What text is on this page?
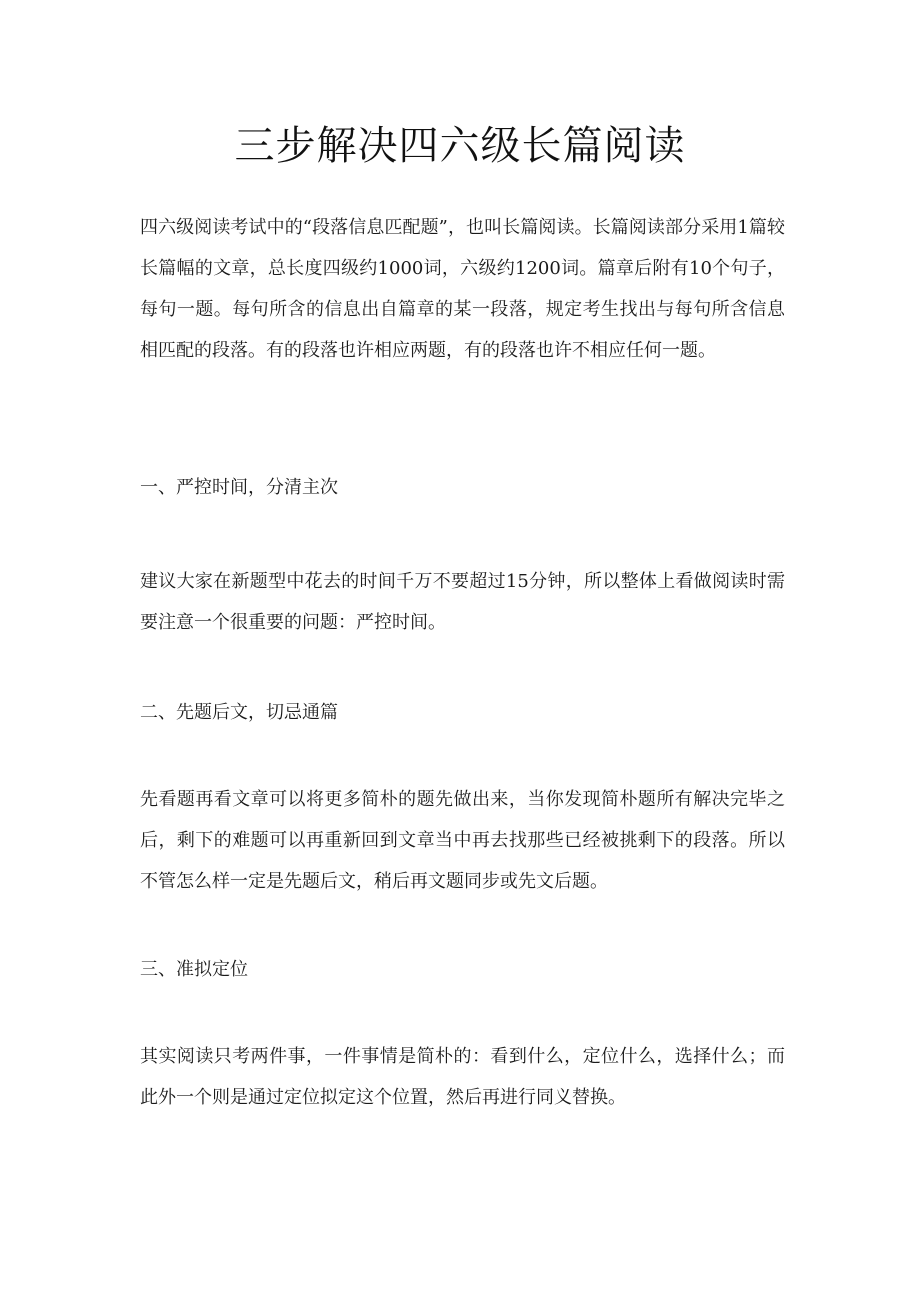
三步解决四六级长篇阅读

四六级阅读考试中的“段落信息匹配题”，也叫长篇阅读。长篇阅读部分采用1篇较长篇幅的文章，总长度四级约1000词，六级约1200词。篇章后附有10个句子，每句一题。每句所含的信息出自篇章的某一段落，规定考生找出与每句所含信息相匹配的段落。有的段落也许相应两题，有的段落也许不相应任何一题。

一、严控时间，分清主次

建议大家在新题型中花去的时间千万不要超过15分钟，所以整体上看做阅读时需要注意一个很重要的问题：严控时间。

二、先题后文，切忌通篇

先看题再看文章可以将更多简朴的题先做出来，当你发现简朴题所有解决完毕之后，剩下的难题可以再重新回到文章当中再去找那些已经被挑剩下的段落。所以不管怎么样一定是先题后文，稍后再文题同步或先文后题。

三、准拟定位

其实阅读只考两件事，一件事情是简朴的：看到什么，定位什么，选择什么；而此外一个则是通过定位拟定这个位置，然后再进行同义替换。
